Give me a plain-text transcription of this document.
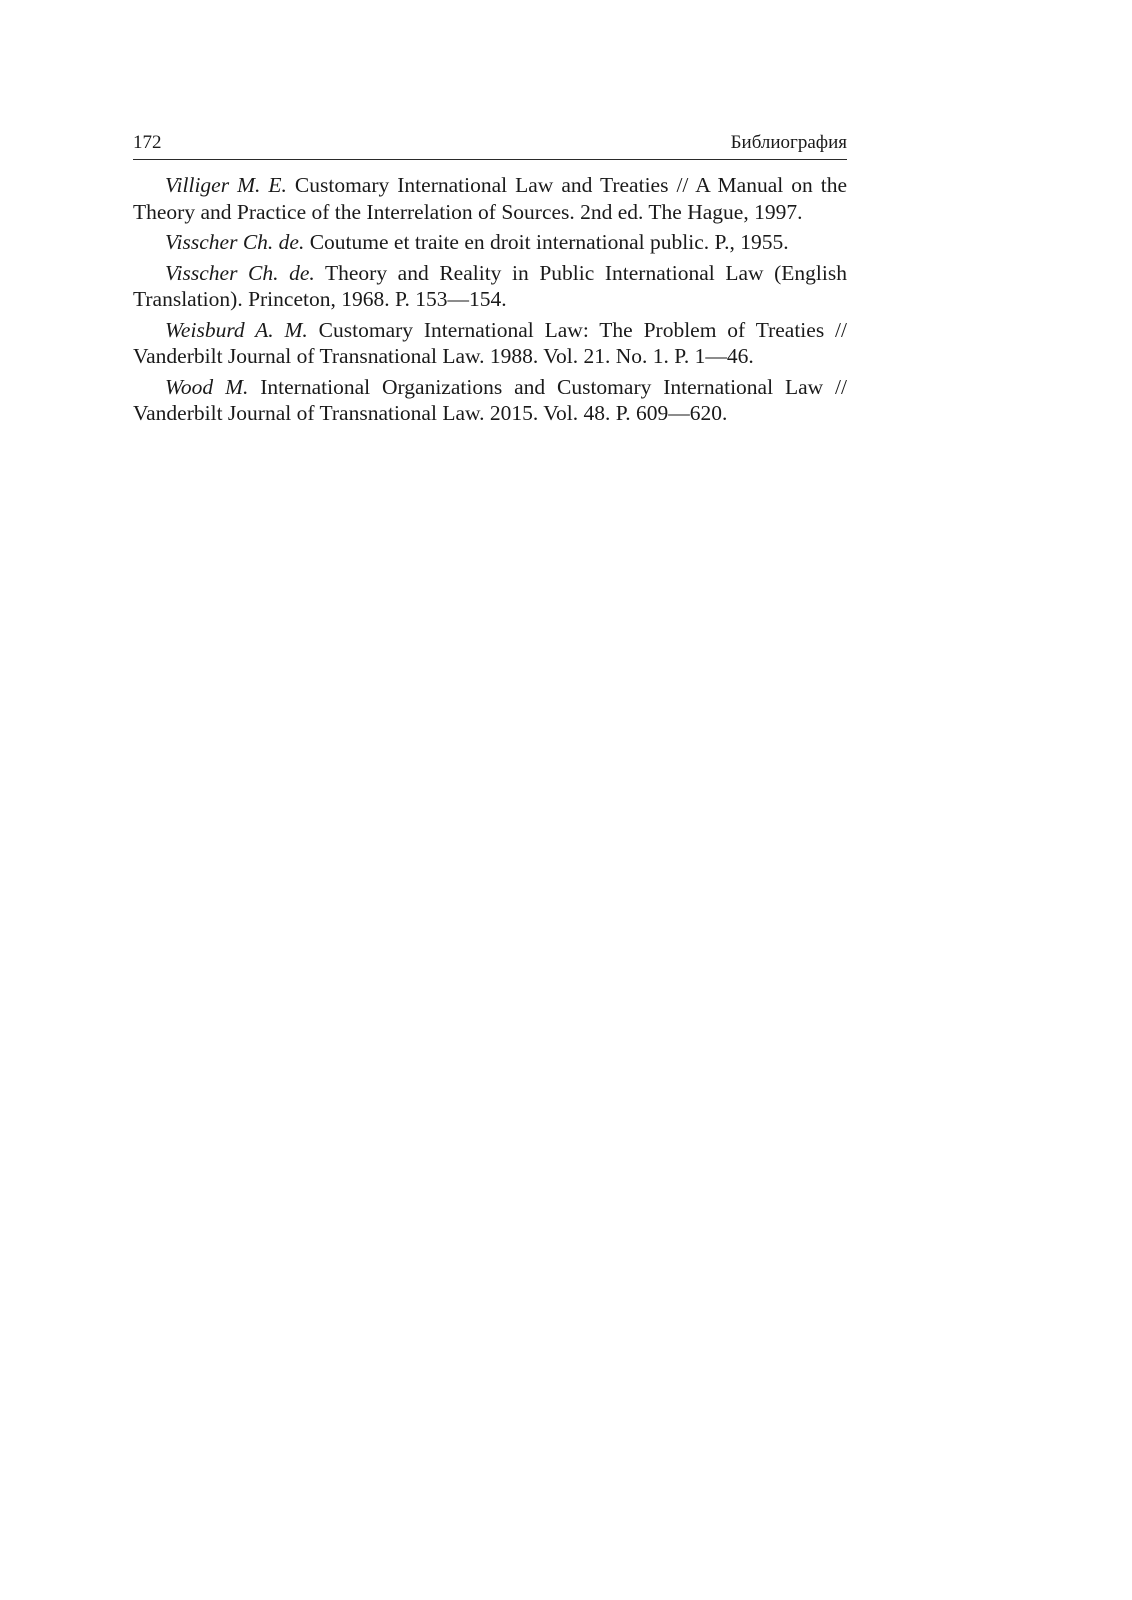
172	Библиография

Villiger M. E. Customary International Law and Treaties // A Manual on the Theory and Practice of the Interrelation of Sources. 2nd ed. The Hague, 1997.

Visscher Ch. de. Coutume et traite en droit international public. P., 1955.

Visscher Ch. de. Theory and Reality in Public International Law (English Translation). Princeton, 1968. P. 153—154.

Weisburd A. M. Customary International Law: The Problem of Treaties // Vanderbilt Journal of Transnational Law. 1988. Vol. 21. No. 1. P. 1—46.

Wood M. International Organizations and Customary International Law // Vanderbilt Journal of Transnational Law. 2015. Vol. 48. P. 609—620.
